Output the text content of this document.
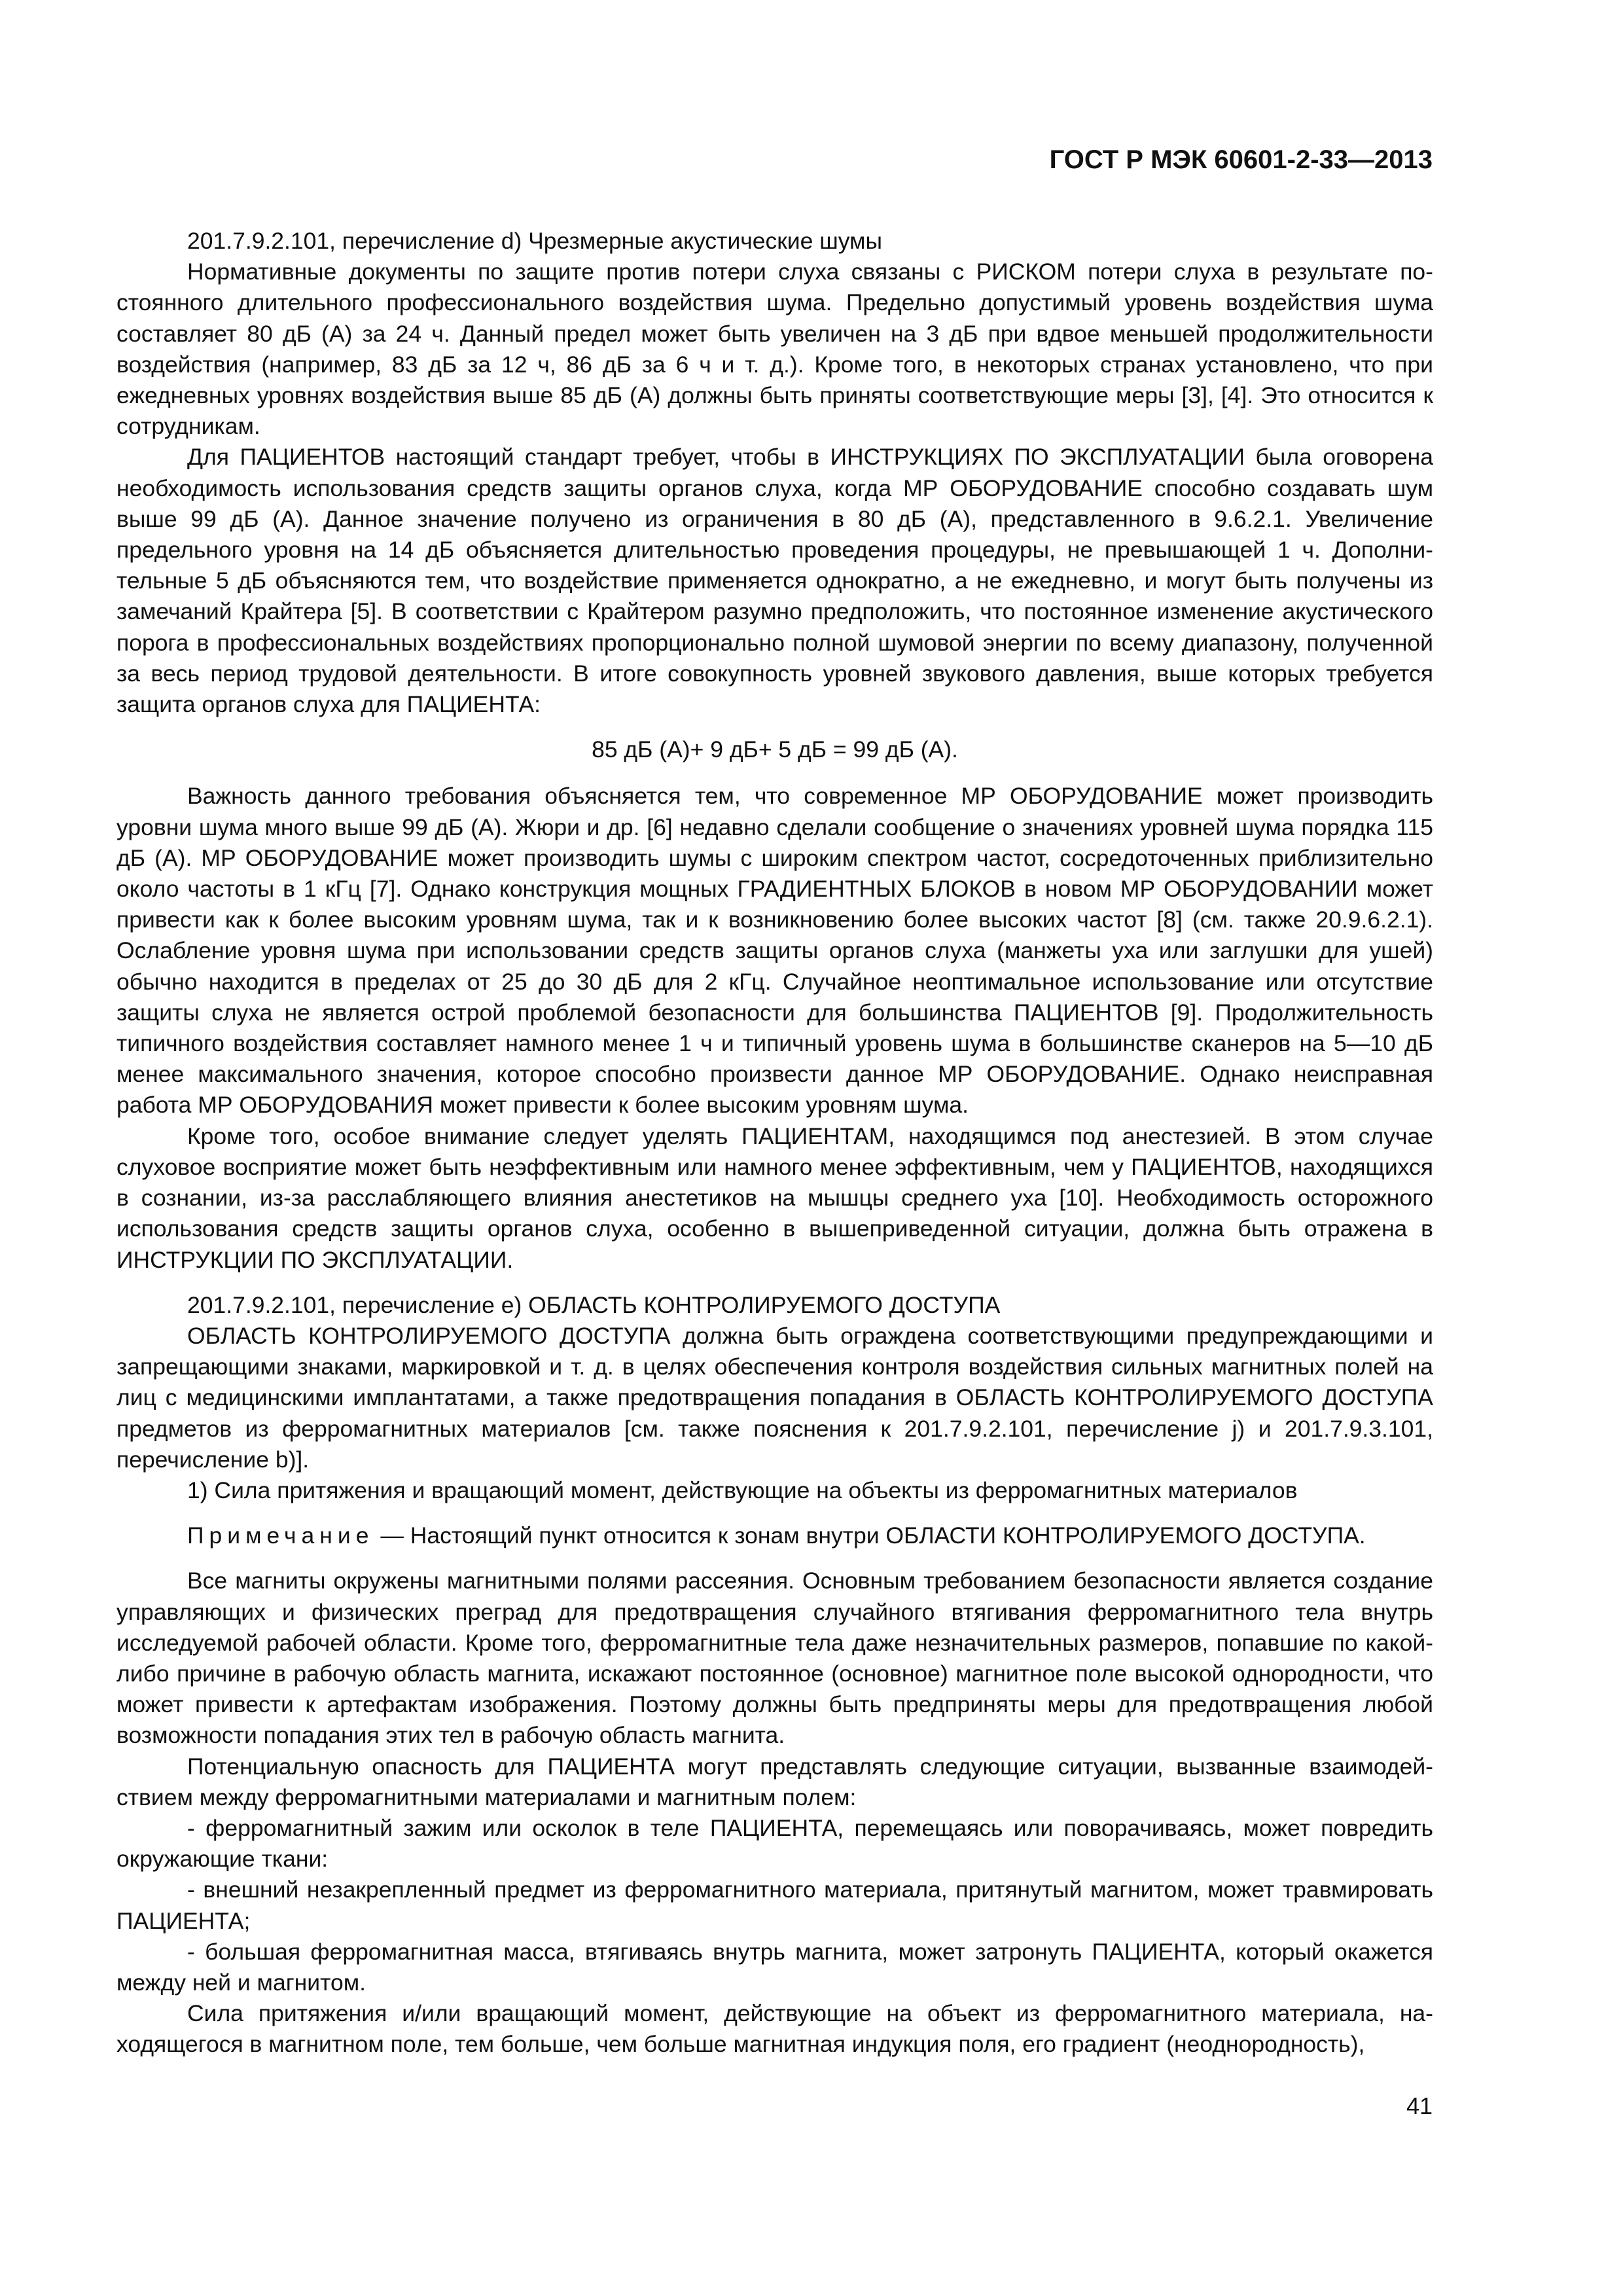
ГОСТ Р МЭК 60601-2-33—2013

201.7.9.2.101, перечисление d) Чрезмерные акустические шумы

Нормативные документы по защите против потери слуха связаны с РИСКОМ потери слуха в результате постоянного длительного профессионального воздействия шума. Предельно допустимый уровень воздействия шума составляет 80 дБ (A) за 24 ч. Данный предел может быть увеличен на 3 дБ при вдвое меньшей продолжительности воздействия (например, 83 дБ за 12 ч, 86 дБ за 6 ч и т. д.). Кроме того, в некоторых странах установлено, что при ежедневных уровнях воздействия выше 85 дБ (A) должны быть приняты соответствующие меры [3], [4]. Это относится к сотрудникам.

Для ПАЦИЕНТОВ настоящий стандарт требует, чтобы в ИНСТРУКЦИЯХ ПО ЭКСПЛУАТАЦИИ была оговорена необходимость использования средств защиты органов слуха, когда МР ОБОРУДОВАНИЕ способно создавать шум выше 99 дБ (A). Данное значение получено из ограничения в 80 дБ (A), представленного в 9.6.2.1. Увеличение предельного уровня на 14 дБ объясняется длительностью проведения процедуры, не превышающей 1 ч. Дополнительные 5 дБ объясняются тем, что воздействие применяется однократно, а не ежедневно, и могут быть получены из замечаний Крайтера [5]. В соответствии с Крайтером разумно предположить, что постоянное изменение акустического порога в профессиональных воздействиях пропорционально полной шумовой энергии по всему диапазону, полученной за весь период трудовой деятельности. В итоге совокупность уровней звукового давления, выше которых требуется защита органов слуха для ПАЦИЕНТА:

85 дБ (A)+ 9 дБ+ 5 дБ = 99 дБ (A).

Важность данного требования объясняется тем, что современное МР ОБОРУДОВАНИЕ может производить уровни шума много выше 99 дБ (A). Жюри и др. [6] недавно сделали сообщение о значениях уровней шума порядка 115 дБ (A). МР ОБОРУДОВАНИЕ может производить шумы с широким спектром частот, сосредоточенных приблизительно около частоты в 1 кГц [7]. Однако конструкция мощных ГРАДИЕНТНЫХ БЛОКОВ в новом МР ОБОРУДОВАНИИ может привести как к более высоким уровням шума, так и к возникновению более высоких частот [8] (см. также 20.9.6.2.1). Ослабление уровня шума при использовании средств защиты органов слуха (манжеты уха или заглушки для ушей) обычно находится в пределах от 25 до 30 дБ для 2 кГц. Случайное неоптимальное использование или отсутствие защиты слуха не является острой проблемой безопасности для большинства ПАЦИЕНТОВ [9]. Продолжительность типичного воздействия составляет намного менее 1 ч и типичный уровень шума в большинстве сканеров на 5—10 дБ менее максимального значения, которое способно произвести данное МР ОБОРУДОВАНИЕ. Однако неисправная работа МР ОБОРУДОВАНИЯ может привести к более высоким уровням шума.

Кроме того, особое внимание следует уделять ПАЦИЕНТАМ, находящимся под анестезией. В этом случае слуховое восприятие может быть неэффективным или намного менее эффективным, чем у ПАЦИЕНТОВ, находящихся в сознании, из-за расслабляющего влияния анестетиков на мышцы среднего уха [10]. Необходимость осторожного использования средств защиты органов слуха, особенно в вышеприведенной ситуации, должна быть отражена в ИНСТРУКЦИИ ПО ЭКСПЛУАТАЦИИ.

201.7.9.2.101, перечисление e) ОБЛАСТЬ КОНТРОЛИРУЕМОГО ДОСТУПА

ОБЛАСТЬ КОНТРОЛИРУЕМОГО ДОСТУПА должна быть ограждена соответствующими предупреждающими и запрещающими знаками, маркировкой и т. д. в целях обеспечения контроля воздействия сильных магнитных полей на лиц с медицинскими имплантатами, а также предотвращения попадания в ОБЛАСТЬ КОНТРОЛИРУЕМОГО ДОСТУПА предметов из ферромагнитных материалов [см. также пояснения к 201.7.9.2.101, перечисление j) и 201.7.9.3.101, перечисление b)].

1) Сила притяжения и вращающий момент, действующие на объекты из ферромагнитных материалов

Примечание — Настоящий пункт относится к зонам внутри ОБЛАСТИ КОНТРОЛИРУЕМОГО ДОСТУПА.

Все магниты окружены магнитными полями рассеяния. Основным требованием безопасности является создание управляющих и физических преград для предотвращения случайного втягивания ферромагнитного тела внутрь исследуемой рабочей области. Кроме того, ферромагнитные тела даже незначительных размеров, попавшие по какой-либо причине в рабочую область магнита, искажают постоянное (основное) магнитное поле высокой однородности, что может привести к артефактам изображения. Поэтому должны быть предприняты меры для предотвращения любой возможности попадания этих тел в рабочую область магнита.

Потенциальную опасность для ПАЦИЕНТА могут представлять следующие ситуации, вызванные взаимодействием между ферромагнитными материалами и магнитным полем:

- ферромагнитный зажим или осколок в теле ПАЦИЕНТА, перемещаясь или поворачиваясь, может повредить окружающие ткани:

- внешний незакрепленный предмет из ферромагнитного материала, притянутый магнитом, может травмировать ПАЦИЕНТА;

- большая ферромагнитная масса, втягиваясь внутрь магнита, может затронуть ПАЦИЕНТА, который окажется между ней и магнитом.

Сила притяжения и/или вращающий момент, действующие на объект из ферромагнитного материала, находящегося в магнитном поле, тем больше, чем больше магнитная индукция поля, его градиент (неоднородность),

41
